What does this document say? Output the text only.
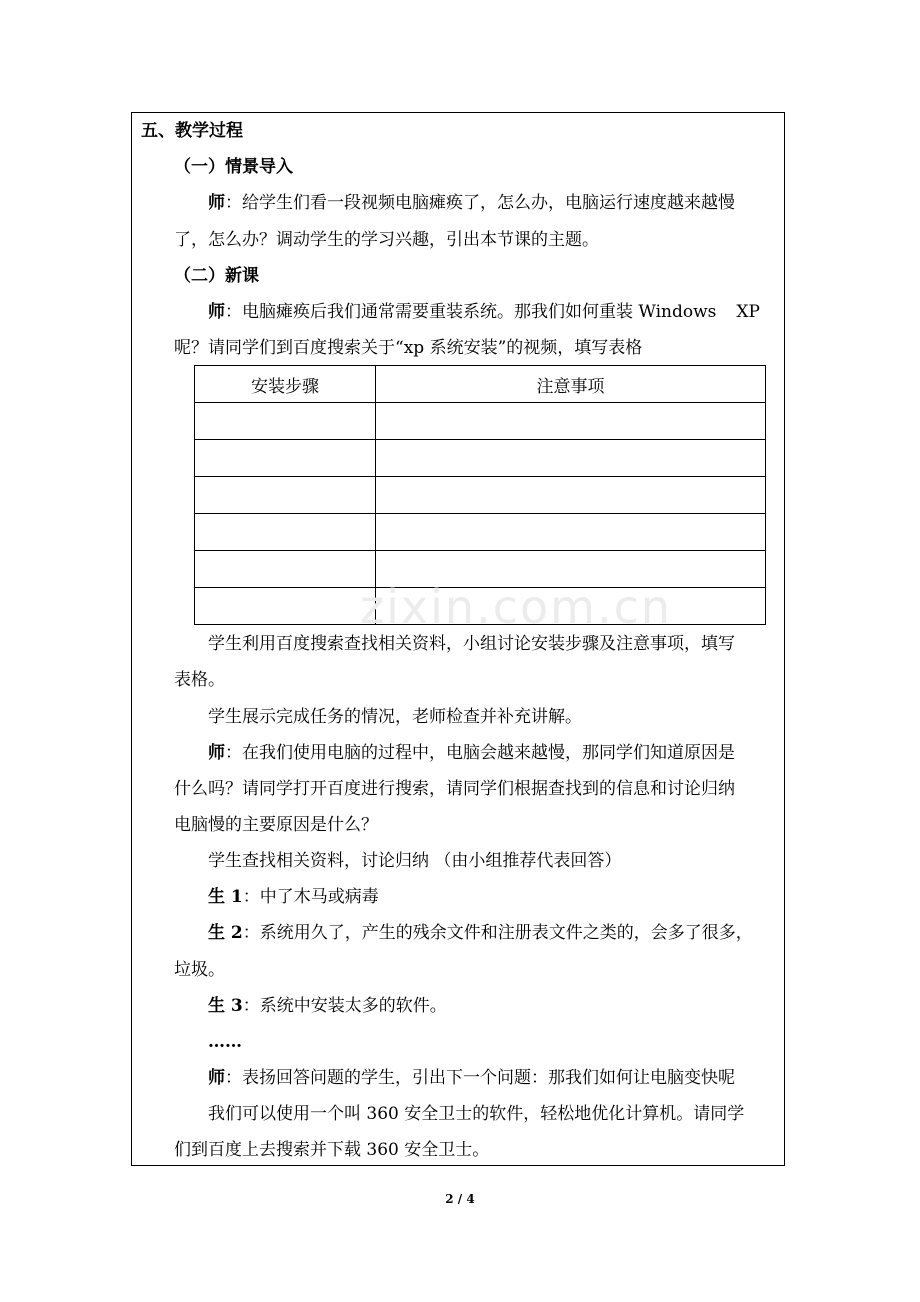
五、教学过程
（一）情景导入
师：给学生们看一段视频电脑瘫痪了，怎么办，电脑运行速度越来越慢
了，怎么办？调动学生的学习兴趣，引出本节课的主题。
（二）新课
师：电脑瘫痪后我们通常需要重装系统。那我们如何重装 Windows XP
呢？请同学们到百度搜索关于“xp 系统安装”的视频，填写表格
安装步骤	注意事项

zixin.com.cn
学生利用百度搜索查找相关资料，小组讨论安装步骤及注意事项，填写
表格。
学生展示完成任务的情况，老师检查并补充讲解。
师：在我们使用电脑的过程中，电脑会越来越慢，那同学们知道原因是
什么吗？请同学打开百度进行搜索，请同学们根据查找到的信息和讨论归纳
电脑慢的主要原因是什么？
学生查找相关资料，讨论归纳 （由小组推荐代表回答）
生 1：中了木马或病毒
生 2：系统用久了，产生的残余文件和注册表文件之类的，会多了很多，
垃圾。
生 3：系统中安装太多的软件。
……
师：表扬回答问题的学生，引出下一个问题：那我们如何让电脑变快呢
我们可以使用一个叫 360 安全卫士的软件，轻松地优化计算机。请同学
们到百度上去搜索并下载 360 安全卫士。
2 / 4
